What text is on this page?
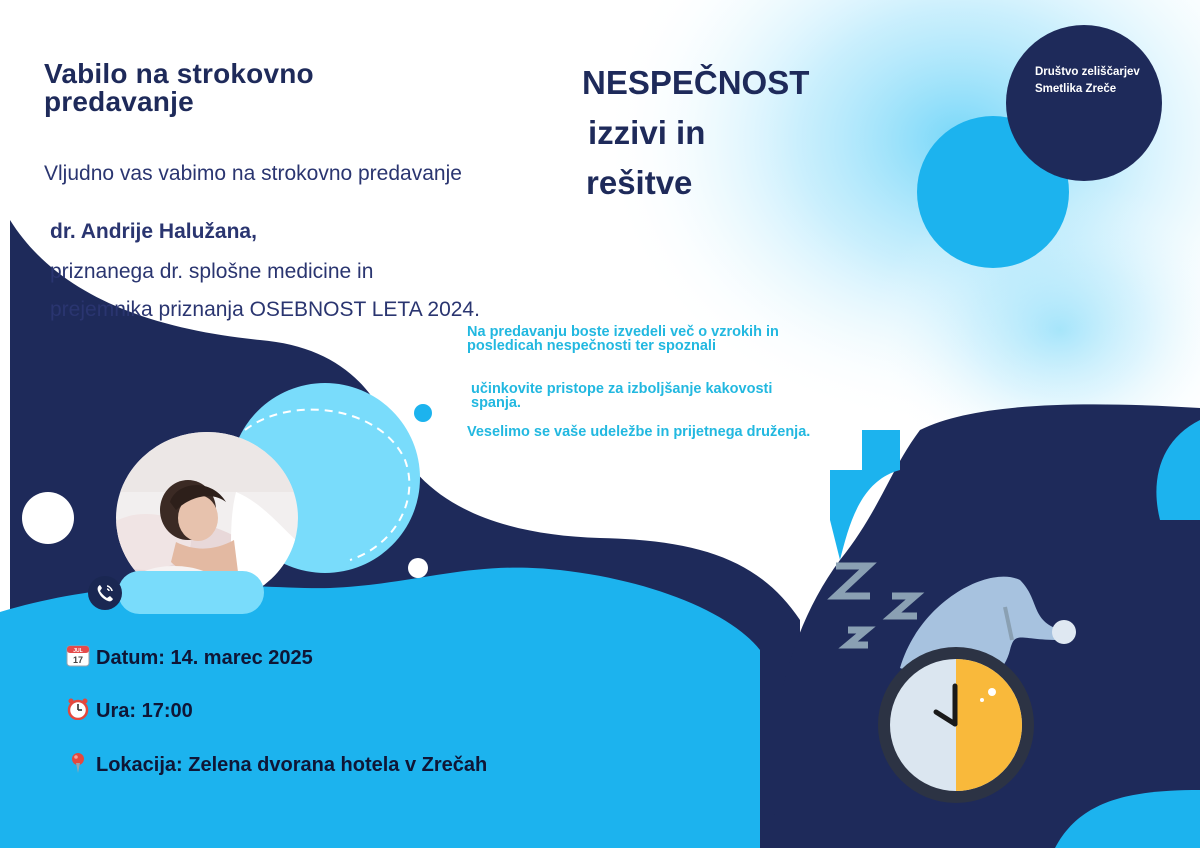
Vabilo na strokovno predavanje
NESPEČNOST
izzivi in
rešitve
Društvo zeliščarjev
Smetlika Zreče

Vljudno vas vabimo na strokovno predavanje

dr. Andrije Halužana,

priznanega dr. splošne medicine in

prejemnika priznanja OSEBNOST LETA 2024.

Na predavanju boste izvedeli več o vzrokih in posledicah nespečnosti ter spoznali

učinkovite pristope za izboljšanje kakovosti spanja.

Veselimo se vaše udeležbe in prijetnega druženja.

JUL
17 Datum: 14. marec 2025
Ura: 17:00
Lokacija: Zelena dvorana hotela v Zrečah
